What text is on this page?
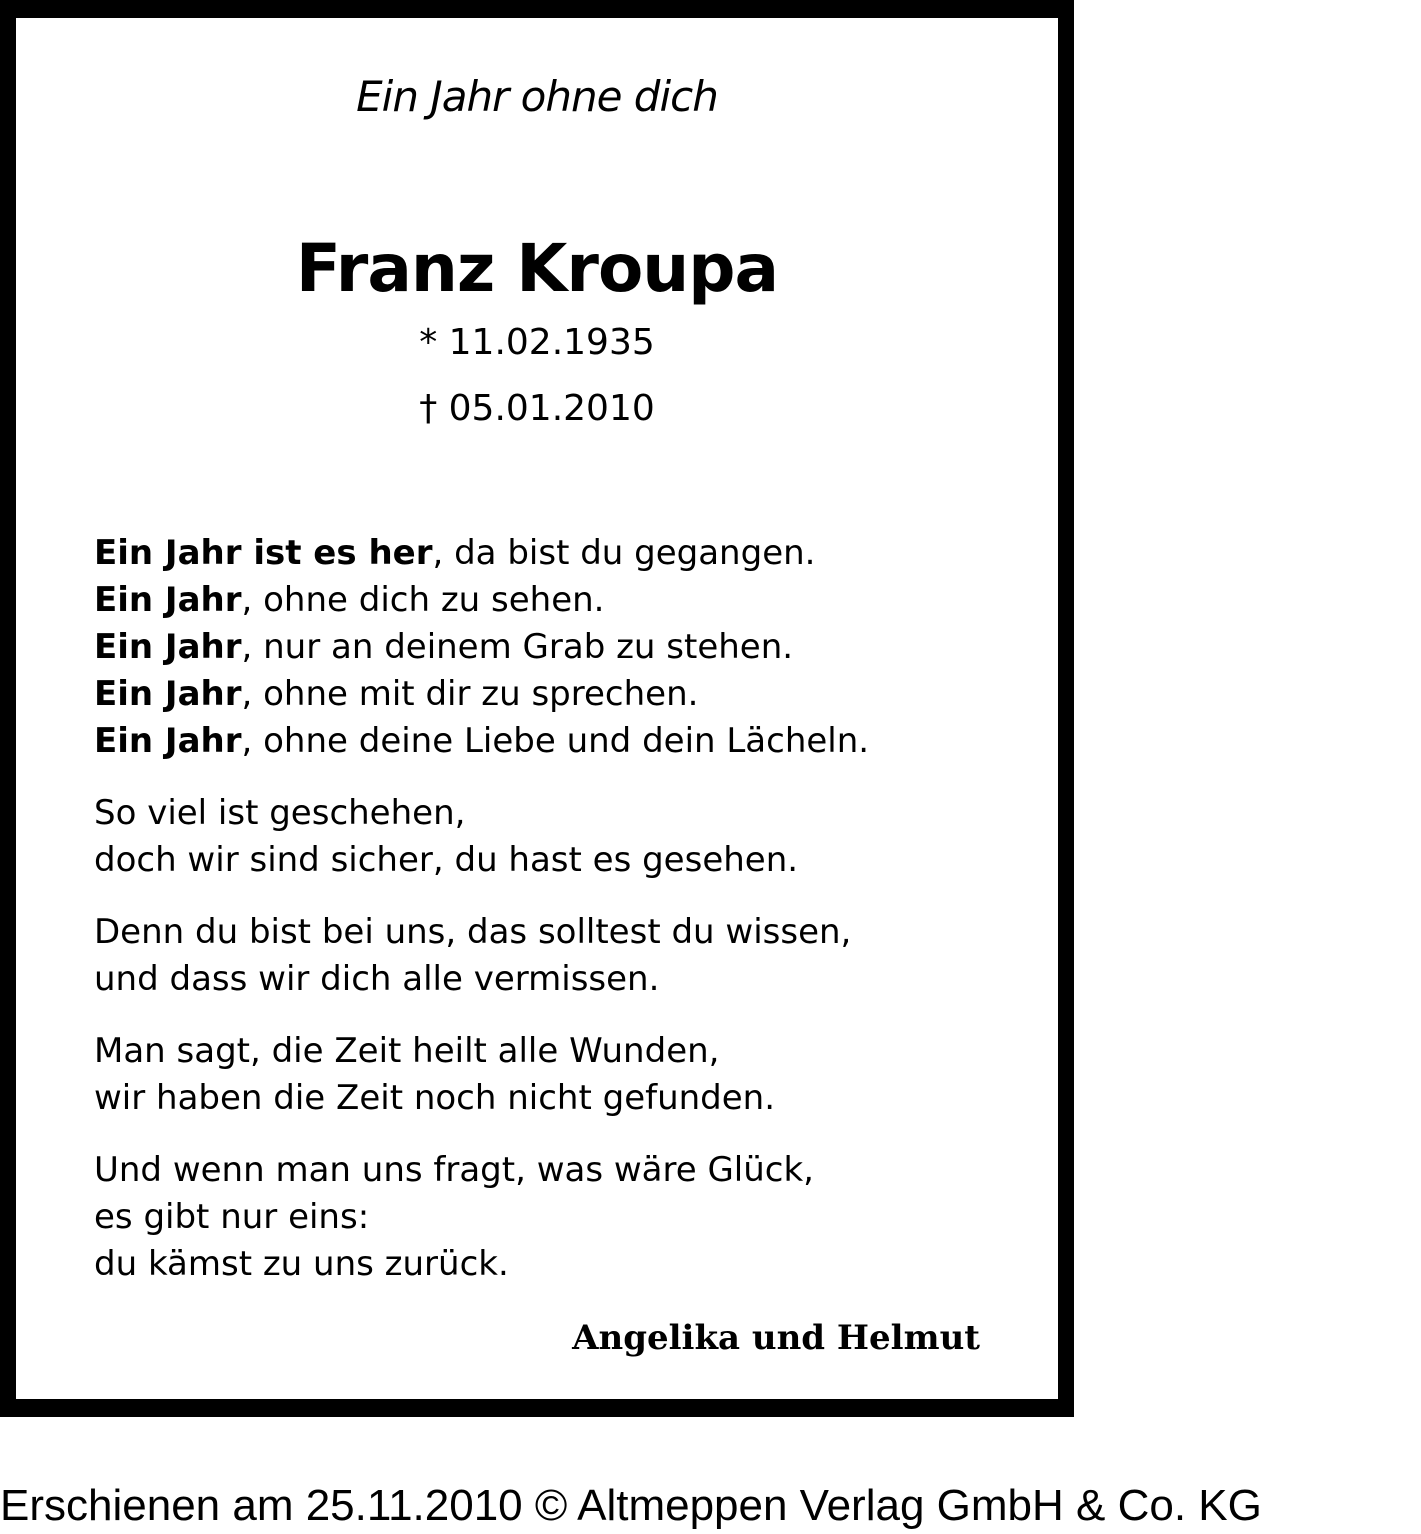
Ein Jahr ohne dich
Franz Kroupa
* 11.02.1935
† 05.01.2010
Ein Jahr ist es her, da bist du gegangen.
Ein Jahr, ohne dich zu sehen.
Ein Jahr, nur an deinem Grab zu stehen.
Ein Jahr, ohne mit dir zu sprechen.
Ein Jahr, ohne deine Liebe und dein Lächeln.
So viel ist geschehen,
doch wir sind sicher, du hast es gesehen.
Denn du bist bei uns, das solltest du wissen,
und dass wir dich alle vermissen.
Man sagt, die Zeit heilt alle Wunden,
wir haben die Zeit noch nicht gefunden.
Und wenn man uns fragt, was wäre Glück,
es gibt nur eins:
du kämst zu uns zurück.
Angelika und Helmut
Erschienen am 25.11.2010 © Altmeppen Verlag GmbH & Co. KG
